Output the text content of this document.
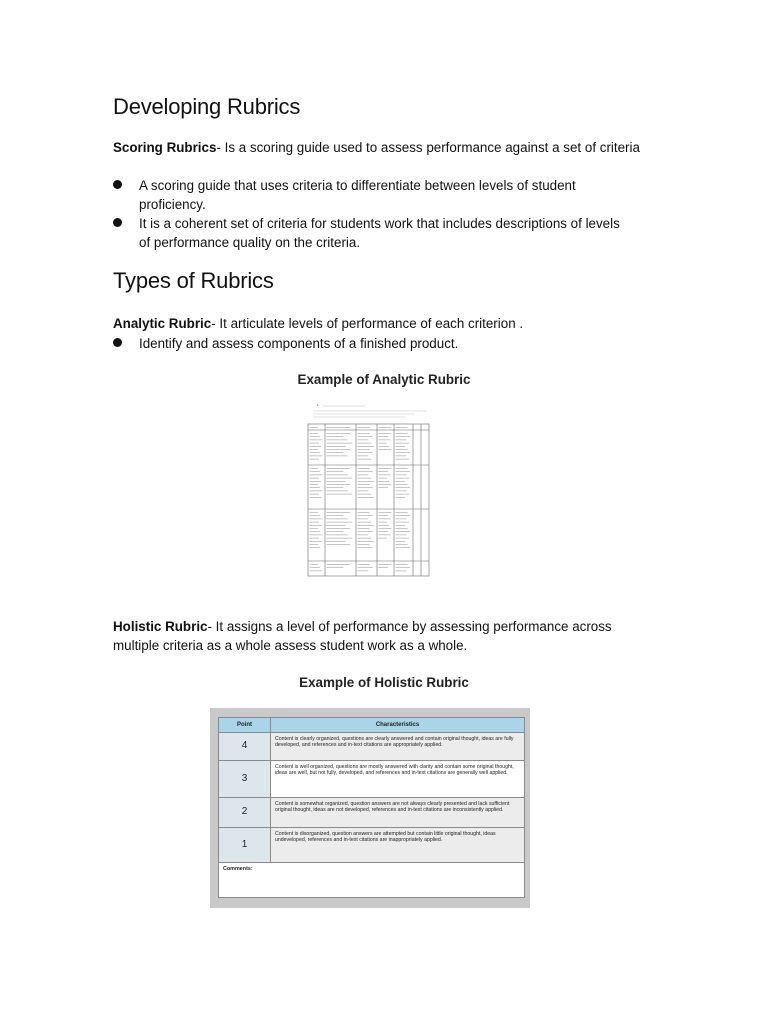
Developing Rubrics

Scoring Rubrics- Is a scoring guide used to assess performance against a set of criteria

A scoring guide that uses criteria to differentiate between levels of student
proficiency.
It is a coherent set of criteria for students work that includes descriptions of levels
of performance quality on the criteria.
Types of Rubrics

Analytic Rubric- It articulate levels of performance of each criterion .

Identify and assess components of a finished product.
Example of Analytic Rubric
1.

Holistic Rubric- It assigns a level of performance by assessing performance across

multiple criteria as a whole assess student work as a whole.

Example of Holistic Rubric
Point	Characteristics
4	Content is clearly organized, questions are clearly answered and contain original thought, ideas are fully developed, and references and in-text citations are appropriately applied.
3	Content is well organized, questions are mostly answered with clarity and contain some original thought, ideas are well, but not fully, developed, and references and in-text citations are generally well applied.
2	Content is somewhat organized, question answers are not always clearly presented and lack sufficient original thought, ideas are not developed, references and in-text citations are inconsistently applied.
1	Content is disorganized, question answers are attempted but contain little original thought, ideas undeveloped, references and in-text citations are inappropriately applied.
Comments:	
